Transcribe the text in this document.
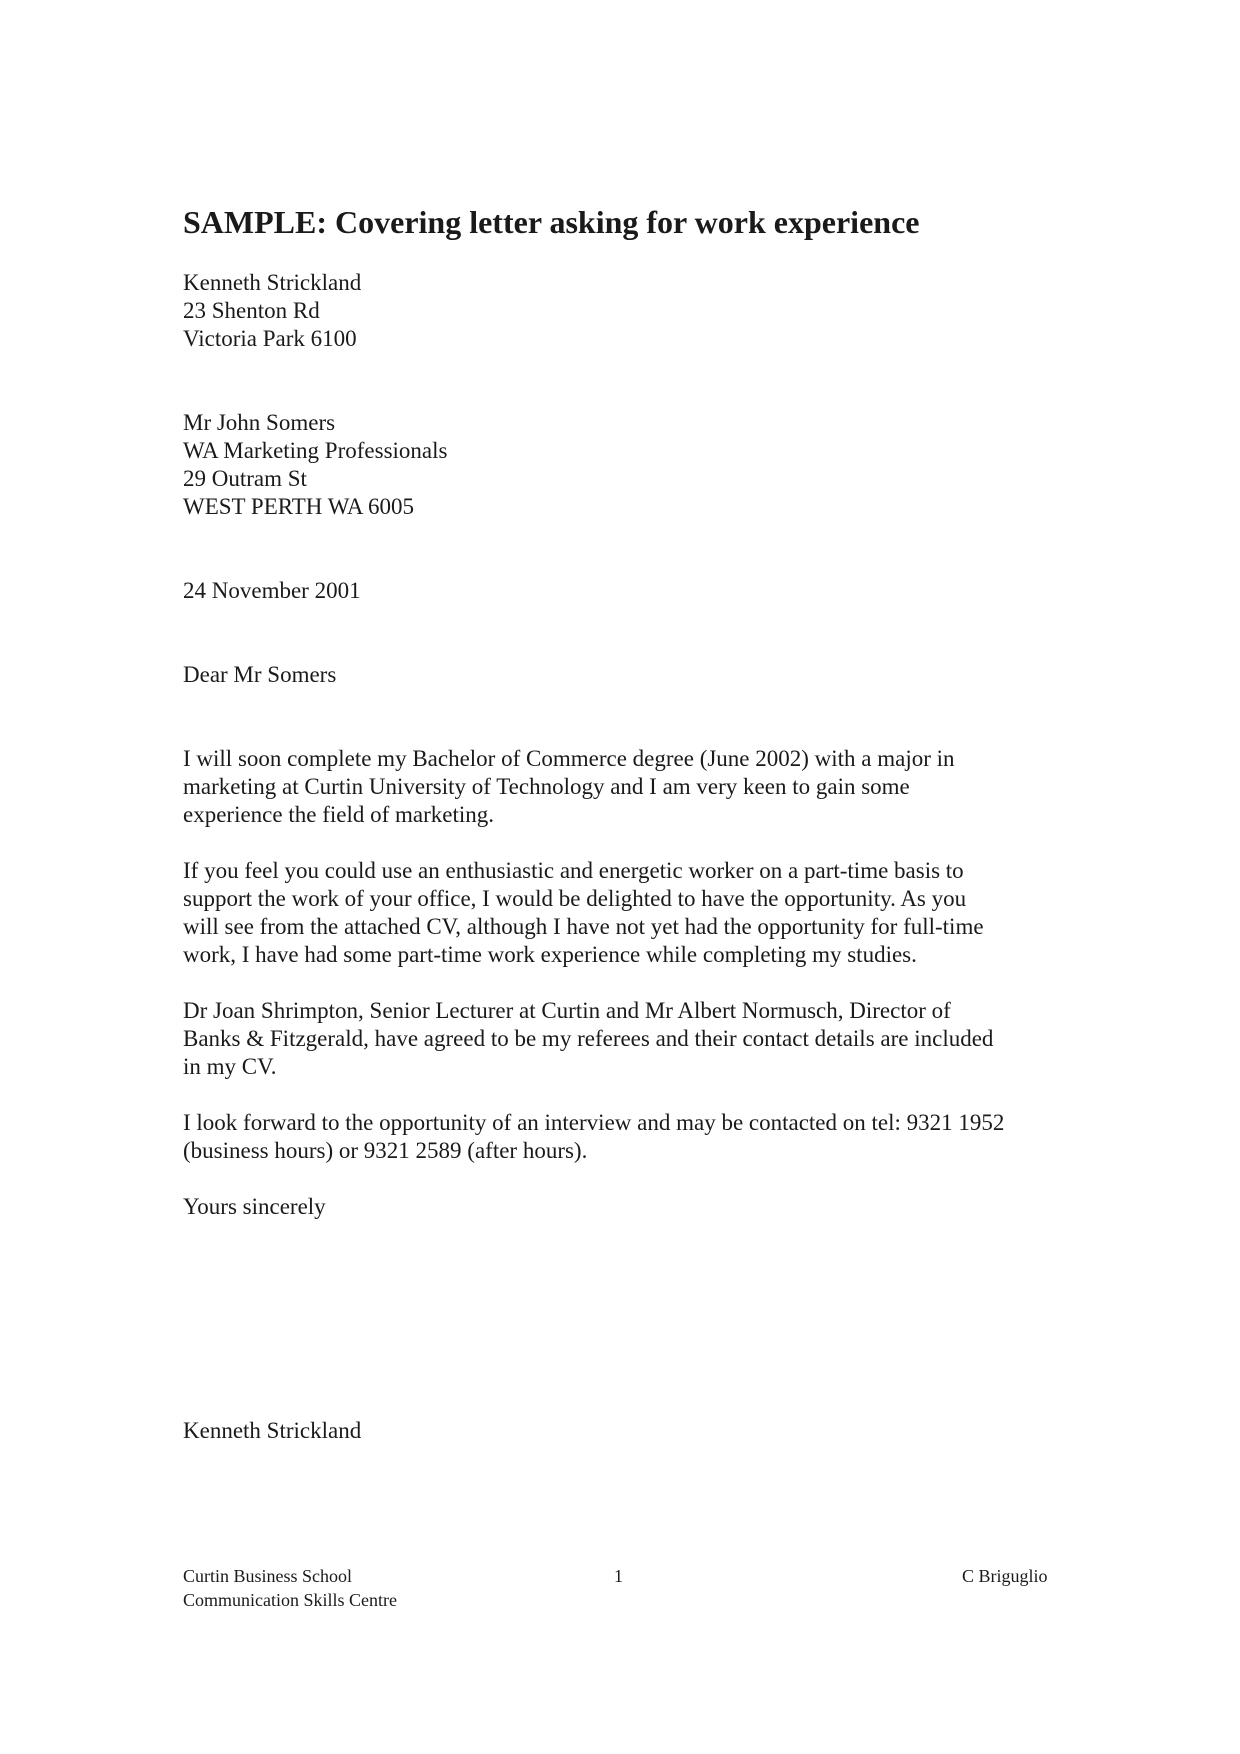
SAMPLE: Covering letter asking for work experience
Kenneth Strickland
23 Shenton Rd
Victoria Park 6100
Mr John Somers
WA Marketing Professionals
29 Outram St
WEST PERTH WA 6005

24 November 2001

Dear Mr Somers

I will soon complete my Bachelor of Commerce degree (June 2002) with a major in
marketing at Curtin University of Technology and I am very keen to gain some
experience the field of marketing.

If you feel you could use an enthusiastic and energetic worker on a part-time basis to
support the work of your office, I would be delighted to have the opportunity. As you
will see from the attached CV, although I have not yet had the opportunity for full-time
work, I have had some part-time work experience while completing my studies.

Dr Joan Shrimpton, Senior Lecturer at Curtin and Mr Albert Normusch, Director of
Banks & Fitzgerald, have agreed to be my referees and their contact details are included
in my CV.

I look forward to the opportunity of an interview and may be contacted on tel: 9321 1952
(business hours) or 9321 2589 (after hours).

Yours sincerely

Kenneth Strickland

Curtin Business School
Communication Skills Centre
1	C Briguglio
